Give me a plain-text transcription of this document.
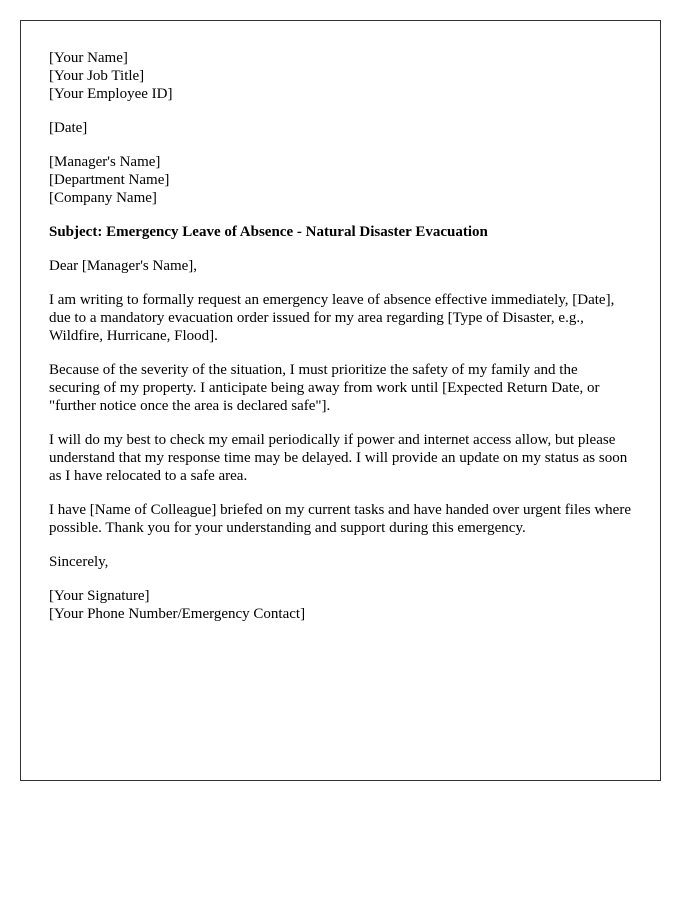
[Your Name]
[Your Job Title]
[Your Employee ID]

[Date]

[Manager's Name]
[Department Name]
[Company Name]

Subject: Emergency Leave of Absence - Natural Disaster Evacuation

Dear [Manager's Name],

I am writing to formally request an emergency leave of absence effective immediately, [Date], due to a mandatory evacuation order issued for my area regarding [Type of Disaster, e.g., Wildfire, Hurricane, Flood].

Because of the severity of the situation, I must prioritize the safety of my family and the securing of my property. I anticipate being away from work until [Expected Return Date, or "further notice once the area is declared safe"].

I will do my best to check my email periodically if power and internet access allow, but please understand that my response time may be delayed. I will provide an update on my status as soon as I have relocated to a safe area.

I have [Name of Colleague] briefed on my current tasks and have handed over urgent files where possible. Thank you for your understanding and support during this emergency.

Sincerely,

[Your Signature]
[Your Phone Number/Emergency Contact]
